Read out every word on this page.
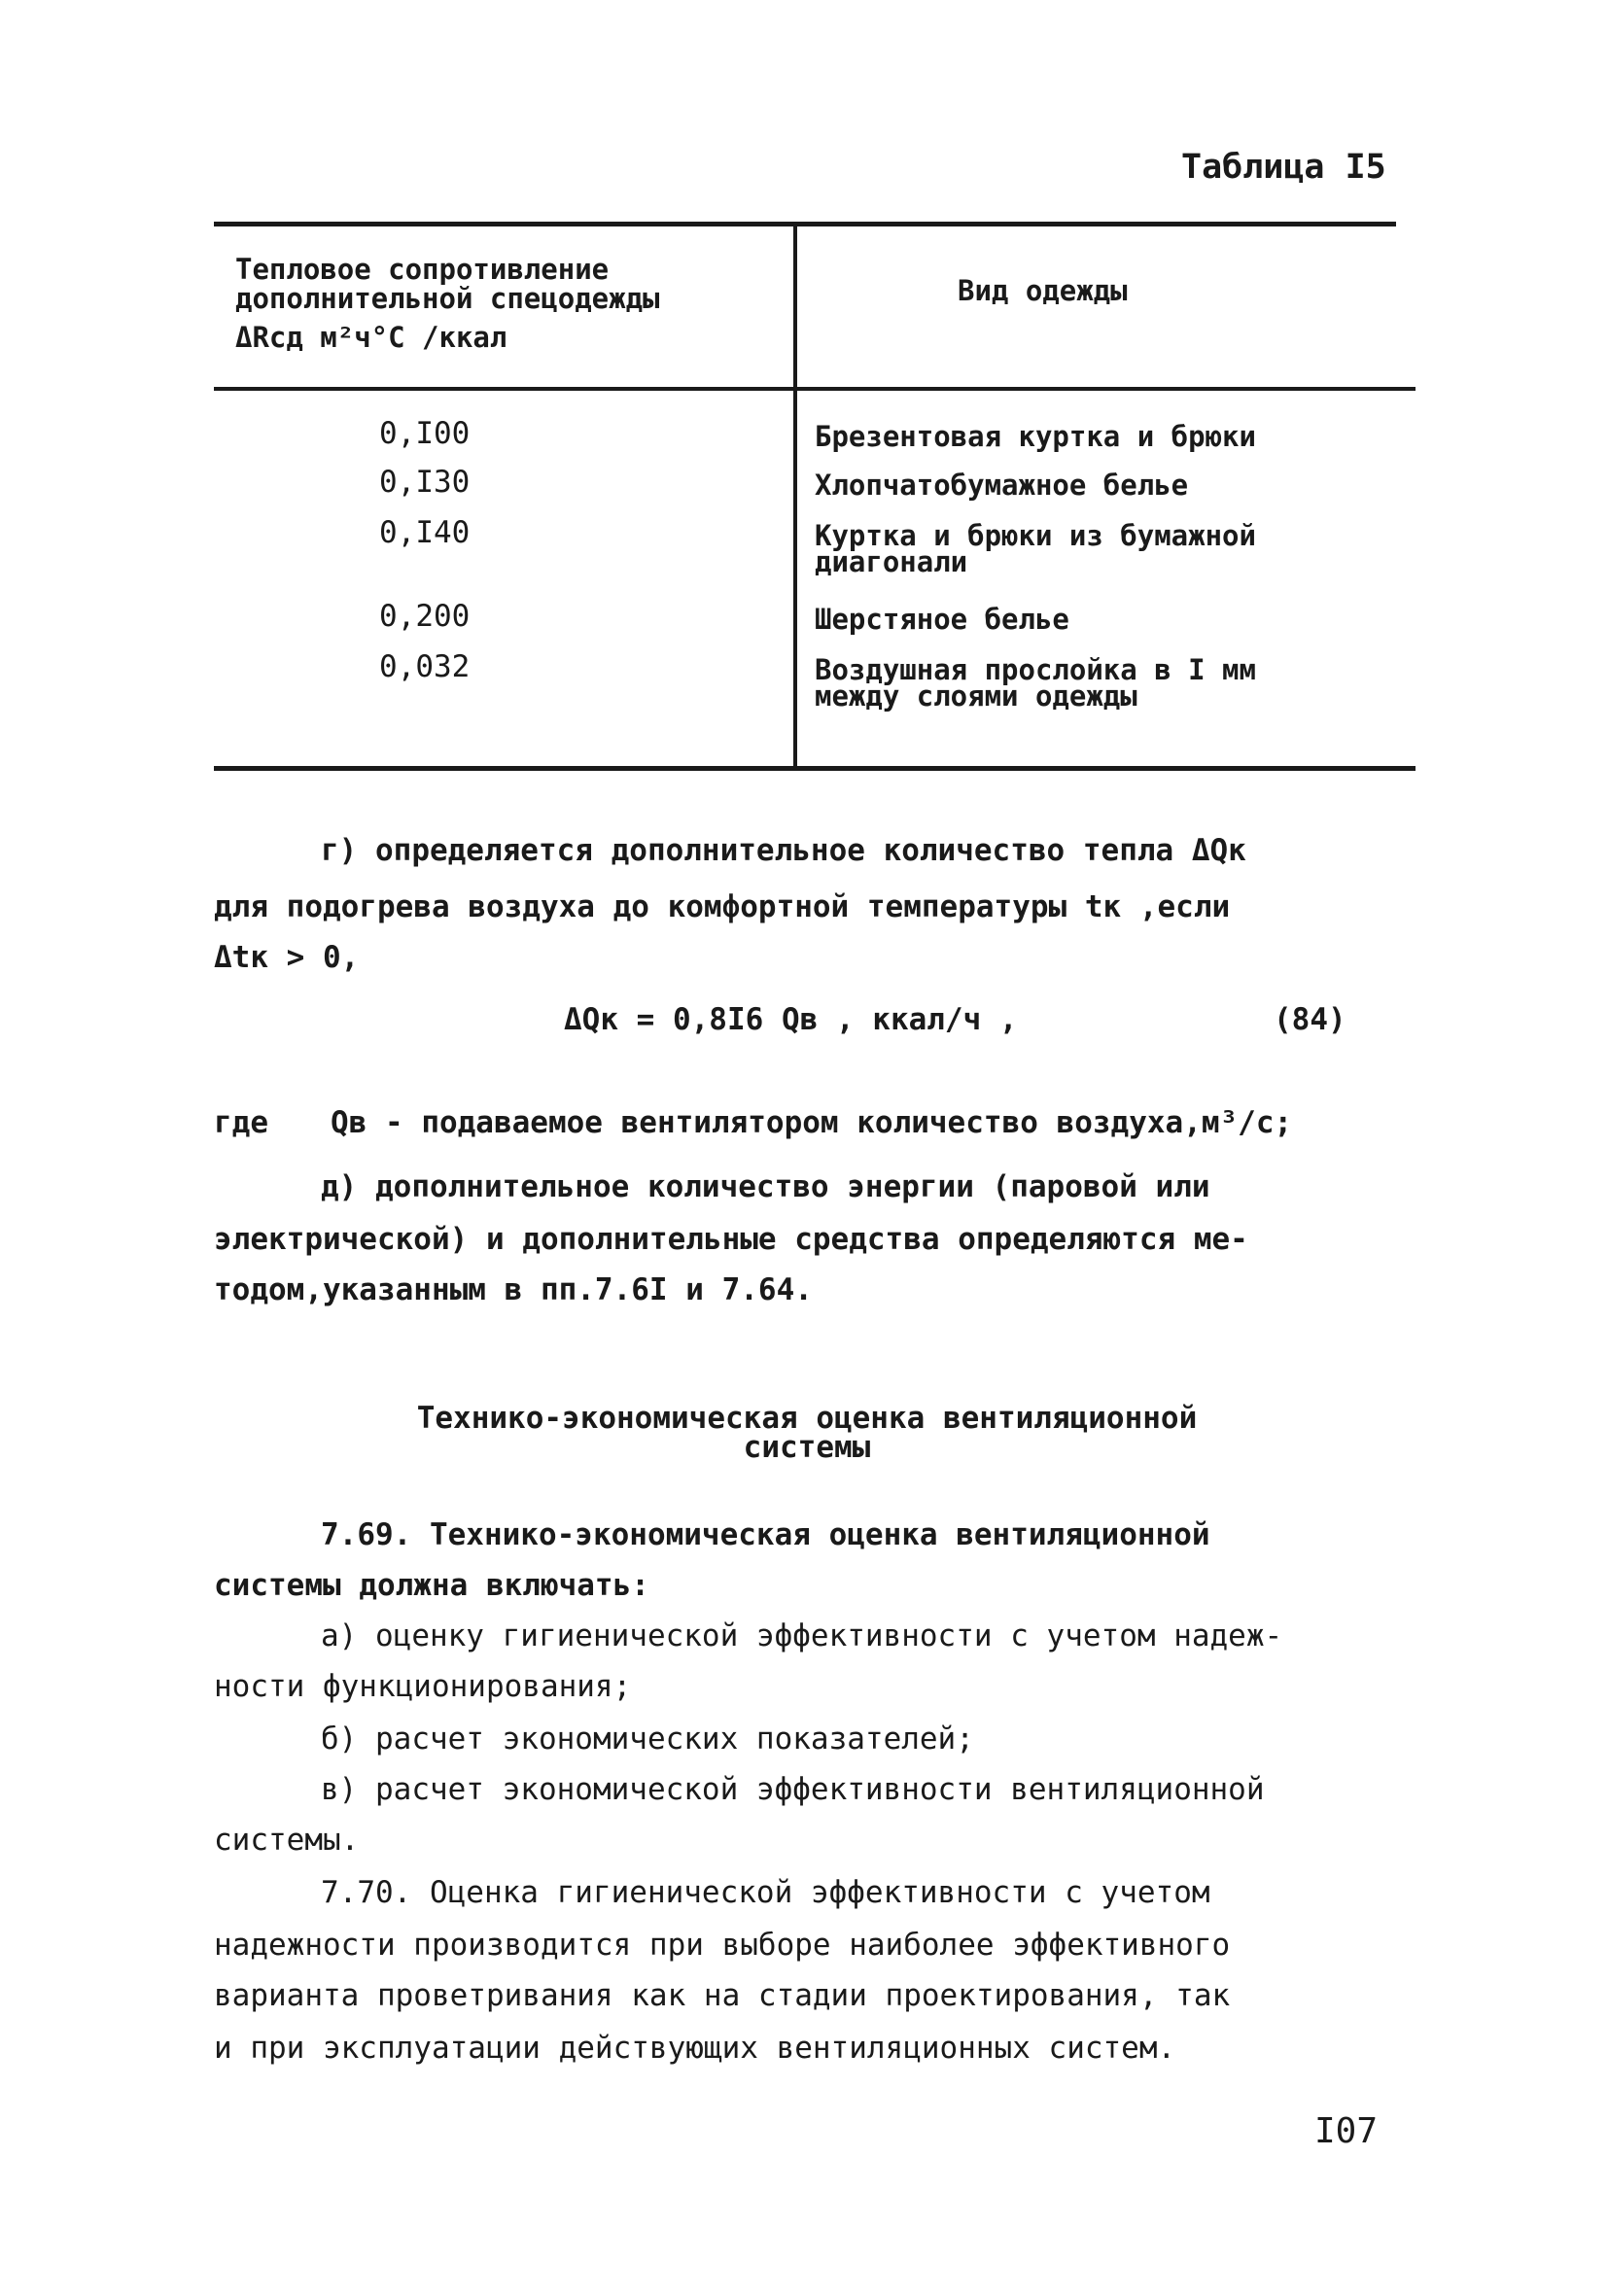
Таблица I5
Тепловое сопротивление
дополнительной спецодежды
ΔRсд м²ч°С /ккал
Вид одежды
0,I00
0,I30
0,I40
0,200
0,032
Брезентовая куртка и брюки
Хлопчатобумажное белье
Куртка и брюки из бумажной
диагонали
Шерстяное белье
Воздушная прослойка в I мм
между слоями одежды
г) определяется дополнительное количество тепла ΔQк
для подогрева воздуха до комфортной температуры tк ,если
Δtк > 0,
ΔQк = 0,8I6 Qв , ккал/ч ,	(84)
где Qв - подаваемое вентилятором количество воздуха,м³/с;
д) дополнительное количество энергии (паровой или
электрической) и дополнительные средства определяются ме-
тодом,указанным в пп.7.6I и 7.64.
Технико-экономическая оценка вентиляционной
системы
7.69. Технико-экономическая оценка вентиляционной
системы должна включать:
а) оценку гигиенической эффективности с учетом надеж-
ности функционирования;
б) расчет экономических показателей;
в) расчет экономической эффективности вентиляционной
системы.
7.70. Оценка гигиенической эффективности с учетом
надежности производится при выборе наиболее эффективного
варианта проветривания как на стадии проектирования, так
и при эксплуатации действующих вентиляционных систем.
I07
